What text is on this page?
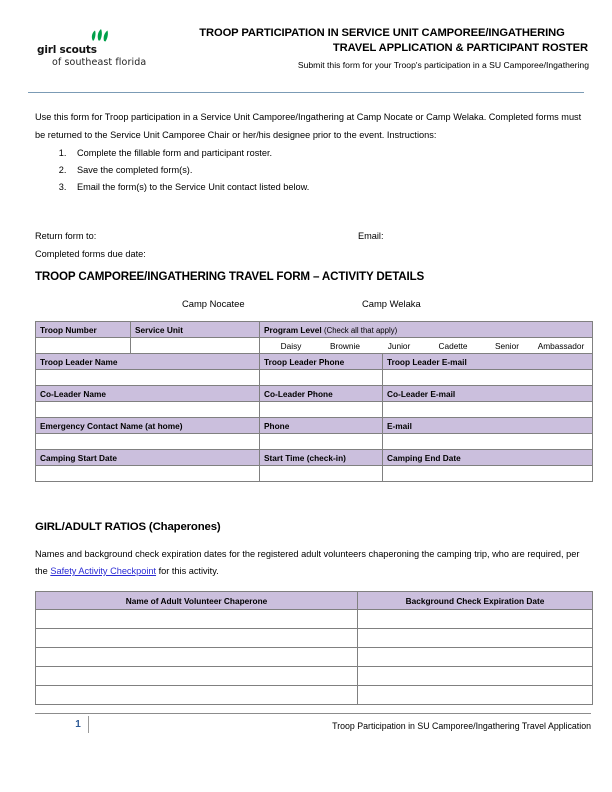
girl scouts
of southeast florida
TROOP PARTICIPATION IN SERVICE UNIT CAMPOREE/INGATHERING
TRAVEL APPLICATION & PARTICIPANT ROSTER
Submit this form for your Troop's participation in a SU Camporee/Ingathering

Use this form for Troop participation in a Service Unit Camporee/Ingathering at Camp Nocate or Camp Welaka. Completed forms must be returned to the Service Unit Camporee Chair or her/his designee prior to the event. Instructions:

1. Complete the fillable form and participant roster.
2. Save the completed form(s).
3. Email the form(s) to the Service Unit contact listed below.
Return form to:	Email:
Completed forms due date:
TROOP CAMPOREE/INGATHERING TRAVEL FORM – ACTIVITY DETAILS
Camp Nocatee	Camp Welaka
Troop Number	Service Unit	Program Level (Check all that apply)	

Daisy	Brownie	Junior	Cadette	Senior	Ambassador

Troop Leader Name		Troop Leader Phone	Troop Leader E-mail

Co-Leader Name		Co-Leader Phone	Co-Leader E-mail

Emergency Contact Name (at home)		Phone	E-mail

Camping Start Date		Start Time (check-in)	Camping End Date

GIRL/ADULT RATIOS (Chaperones)
Names and background check expiration dates for the registered adult volunteers chaperoning the camping trip, who are required, per the Safety Activity Checkpoint for this activity.
Name of Adult Volunteer Chaperone	Background Check Expiration Date

1	Troop Participation in SU Camporee/Ingathering Travel Application
